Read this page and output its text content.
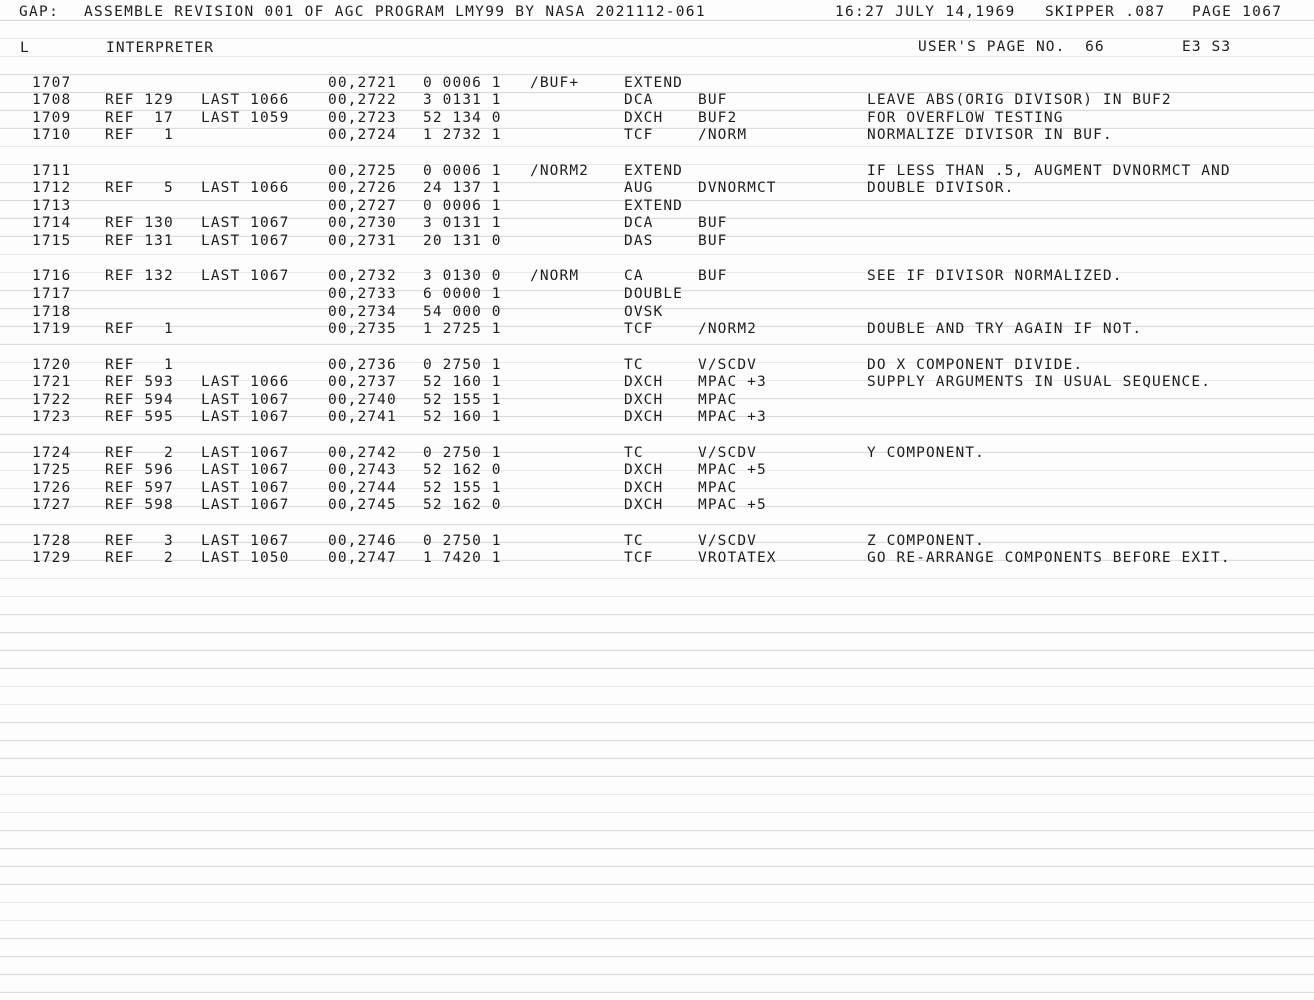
GAP: ASSEMBLE REVISION 001 OF AGC PROGRAM LMY99 BY NASA 2021112-061	16:27 JULY 14,1969 SKIPPER .087 PAGE 1067
L	INTERPRETER	USER'S PAGE NO.  66	E3 S3
1707	00,2721 0 0006 1 /BUF+	EXTEND
1708 REF 129 LAST 1066	00,2722 3 0131 1	DCA	BUF	LEAVE ABS(ORIG DIVISOR) IN BUF2
1709 REF  17 LAST 1059	00,2723 52 134 0	DXCH BUF2	FOR OVERFLOW TESTING
1710 REF   1	00,2724 1 2732 1	TCF	/NORM	NORMALIZE DIVISOR IN BUF.
1711	00,2725 0 0006 1 /NORM2 EXTEND	IF LESS THAN .5, AUGMENT DVNORMCT AND
1712 REF   5 LAST 1066	00,2726 24 137 1	AUG	DVNORMCT	DOUBLE DIVISOR.
1713	00,2727 0 0006 1	EXTEND
1714 REF 130 LAST 1067	00,2730 3 0131 1	DCA	BUF
1715 REF 131 LAST 1067	00,2731 20 131 0	DAS	BUF
1716 REF 132 LAST 1067	00,2732 3 0130 0 /NORM	CA	BUF	SEE IF DIVISOR NORMALIZED.
1717	00,2733 6 0000 1	DOUBLE
1718	00,2734 54 000 0	OVSK
1719 REF   1	00,2735 1 2725 1	TCF	/NORM2	DOUBLE AND TRY AGAIN IF NOT.
1720 REF   1	00,2736 0 2750 1	TC	V/SCDV	DO X COMPONENT DIVIDE.
1721 REF 593 LAST 1066	00,2737 52 160 1	DXCH MPAC +3	SUPPLY ARGUMENTS IN USUAL SEQUENCE.
1722 REF 594 LAST 1067	00,2740 52 155 1	DXCH MPAC
1723 REF 595 LAST 1067	00,2741 52 160 1	DXCH MPAC +3
1724 REF   2 LAST 1067	00,2742 0 2750 1	TC	V/SCDV	Y COMPONENT.
1725 REF 596 LAST 1067	00,2743 52 162 0	DXCH MPAC +5
1726 REF 597 LAST 1067	00,2744 52 155 1	DXCH MPAC
1727 REF 598 LAST 1067	00,2745 52 162 0	DXCH MPAC +5
1728 REF   3 LAST 1067	00,2746 0 2750 1	TC	V/SCDV	Z COMPONENT.
1729 REF   2 LAST 1050	00,2747 1 7420 1	TCF	VROTATEX	GO RE-ARRANGE COMPONENTS BEFORE EXIT.
